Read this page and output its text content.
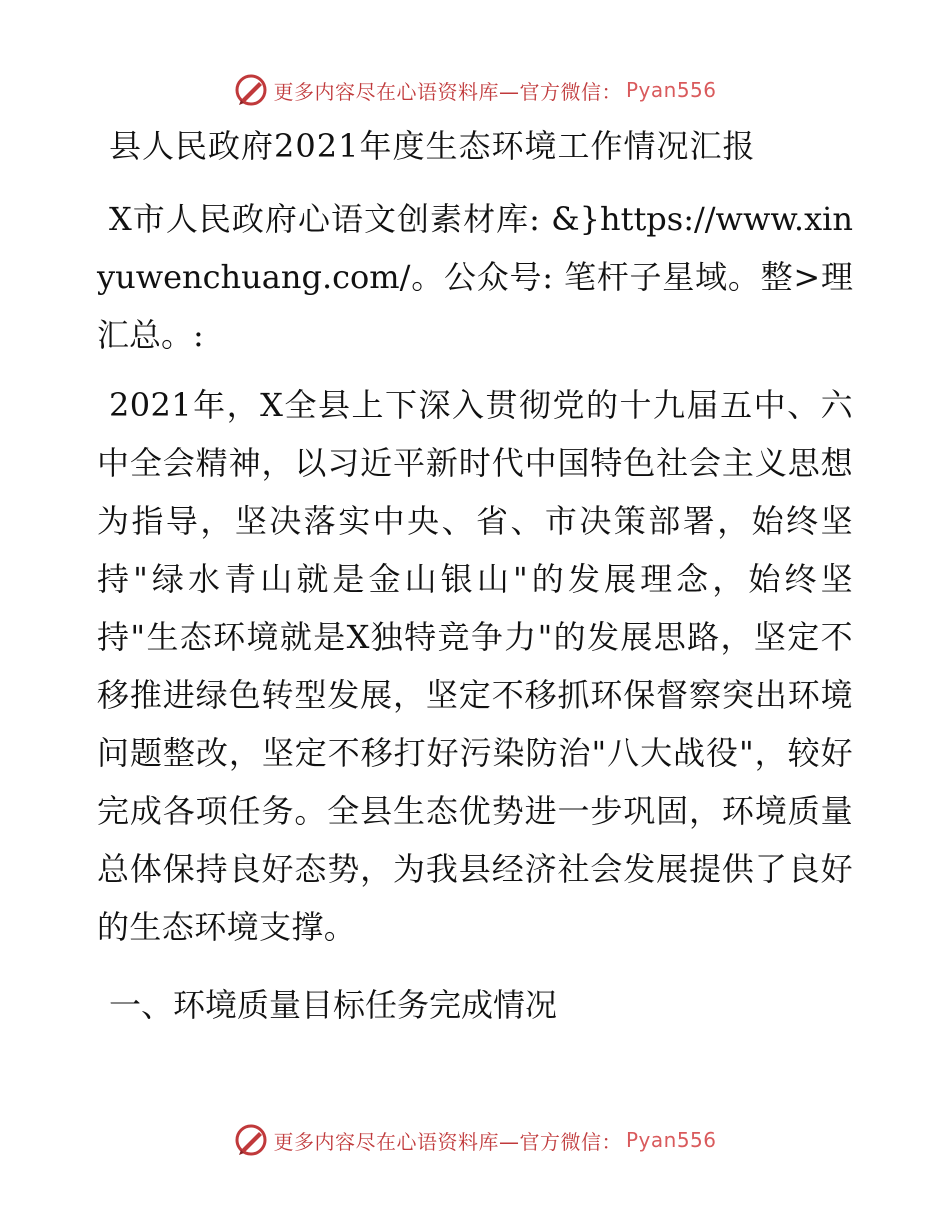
更多内容尽在心语资料库—官方微信： Pyan556
县人民政府2021年度生态环境工作情况汇报
X市人民政府心语文创素材库: &}https://www.xinyuwenchuang.com/。公众号: 笔杆子星域。整>理汇总。:
2021年，X全县上下深入贯彻党的十九届五中、六中全会精神，以习近平新时代中国特色社会主义思想为指导，坚决落实中央、省、市决策部署，始终坚持"绿水青山就是金山银山"的发展理念，始终坚持"生态环境就是X独特竞争力"的发展思路，坚定不移推进绿色转型发展，坚定不移抓环保督察突出环境问题整改，坚定不移打好污染防治"八大战役"，较好完成各项任务。全县生态优势进一步巩固，环境质量总体保持良好态势，为我县经济社会发展提供了良好的生态环境支撑。
一、环境质量目标任务完成情况
更多内容尽在心语资料库—官方微信： Pyan556
